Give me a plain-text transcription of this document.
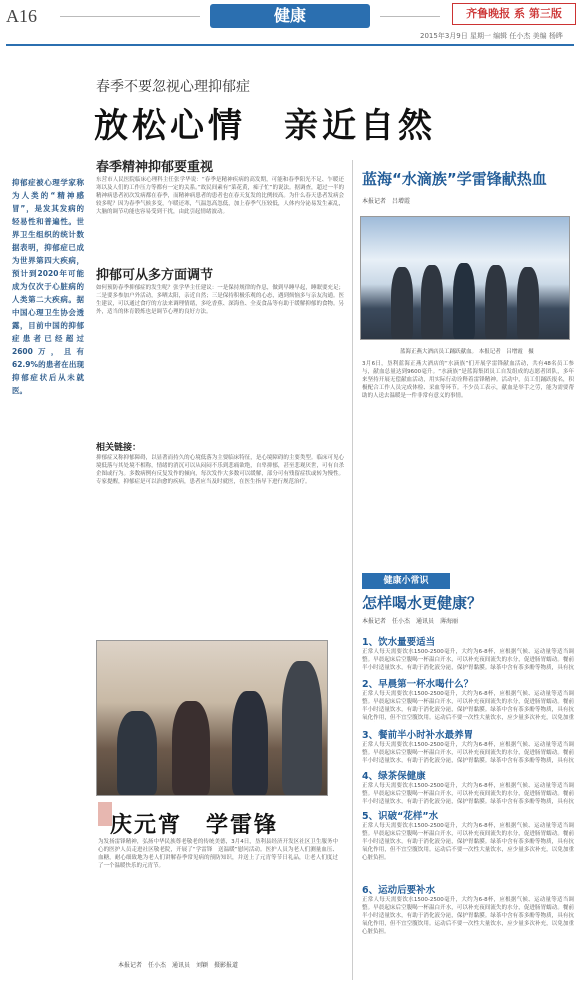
A16	健康	齐鲁晚报 系 第三版
2015年3月9日 星期一 编辑 任小杰 美编 杨晔
春季不要忽视心理抑郁症
放松心情　亲近自然
抑郁症被心理学家称为人类的“精神感冒”，是发其发病的轻易性和普遍性。世界卫生组织的统计数据表明，抑郁症已成为世界第四大疾病，预计到2020年可能成为仅次于心脏病的人类第二大疾病。据中国心理卫生协会透露，目前中国的抑郁症患者已经超过2600万，且有62.9%的患者在出现抑郁症状后从未就医。
春季精神抑郁要重视
东营市人民医院临床心理科主任张学华说：“春季是精神疾病的高发期，可能和春季阳光不足、乍暖还寒以及人们的工作压力等都有一定的关系。”故民间素有“菜花黄，痴子忙”的说法。据调查，超过一半的精神病患者初次发病都在春季，而精神病患者的患者也在春天复发的比例较高。为什么春天患者发病会较多呢？因为春季气候多变，乍暖还寒，气温忽高忽低，加上春季气压较低，人体内分泌易发生紊乱，大脑的调节功能也容易受到干扰，由此引起情绪波动。
抑郁可从多方面调节
如何预防春季抑郁症的发生呢？张学华主任建议：一是保持规律的作息，做到早睡早起，睡眠要充足；二是要多参加户外活动，多晒太阳，亲近自然；三是保持积极乐观的心态，遇到烦恼多与亲友沟通。医生建议，可以通过食疗的方法来调理情绪，多吃香蕉、深海鱼、全麦食品等有助于缓解抑郁的食物。另外，适当的体育锻炼也是调节心理的良好方法。
相关链接：
抑郁症又称抑郁障碍，以显著而持久的心境低落为主要临床特征，是心境障碍的主要类型。临床可见心境低落与其处境不相称，情绪的消沉可以从闷闷不乐到悲痛欲绝，自卑抑郁，甚至悲观厌世，可有自杀企图或行为。多数病例有反复发作的倾向，每次发作大多数可以缓解，部分可有残留症状或转为慢性。专家提醒，抑郁症是可以治愈的疾病，患者应当及时就医，在医生指导下进行规范治疗。
庆元宵　学雷锋
为发扬雷锋精神，弘扬中华民族尊老敬老的传统美德，3月4日，垦利县经济开发区社区卫生服务中心的医护人员走进社区敬老院，开展了“学雷锋　送温暖”慰问活动。医护人员为老人们测量血压、血糖，耐心细致地为老人们讲解春季常见病的预防知识，并送上了元宵等节日礼品，让老人们度过了一个温暖快乐的元宵节。
本报记者　任小杰　通讯员　刘颖　摄影报道
蓝海“水滴族”学雷锋献热血
本报记者　吕增霞
蓝海正燕大酒店员工踊跃献血。 本报记者　吕增霞　摄
3月6日，垦利蓝海正燕大酒店的“水滴族”们开展学雷锋献血活动，共有48名员工参与，献血总量达到9600毫升。“水滴族”是蓝海集团员工自发组成的志愿者团队，多年来坚持开展无偿献血活动，用实际行动诠释着雷锋精神。活动中，员工们踊跃报名，积极配合工作人员完成体检、采血等环节。不少员工表示，献血是举手之劳，能为需要帮助的人送去温暖是一件非常有意义的事情。
健康小常识
怎样喝水更健康？
本报记者　任小杰　通讯员　薄海丽
1、饮水量要适当
正常人每天需要饮水1500-2500毫升，大约为6-8杯，应根据气候、运动量等适当调整。早晨起床后空腹喝一杯温白开水，可以补充夜间流失的水分，促进肠胃蠕动。餐前半小时适量饮水，有助于消化液分泌，保护胃黏膜。绿茶中含有茶多酚等物质，具有抗
2、早晨第一杯水喝什么？
正常人每天需要饮水1500-2500毫升，大约为6-8杯，应根据气候、运动量等适当调整。早晨起床后空腹喝一杯温白开水，可以补充夜间流失的水分，促进肠胃蠕动。餐前半小时适量饮水，有助于消化液分泌，保护胃黏膜。绿茶中含有茶多酚等物质，具有抗氧化作用，但不宜空腹饮用。运动后不要一次性大量饮水，应少量多次补充，以免加重
3、餐前半小时补水最养胃
正常人每天需要饮水1500-2500毫升，大约为6-8杯，应根据气候、运动量等适当调整。早晨起床后空腹喝一杯温白开水，可以补充夜间流失的水分，促进肠胃蠕动。餐前半小时适量饮水，有助于消化液分泌，保护胃黏膜。绿茶中含有茶多酚等物质，具有抗
4、绿茶保健康
正常人每天需要饮水1500-2500毫升，大约为6-8杯，应根据气候、运动量等适当调整。早晨起床后空腹喝一杯温白开水，可以补充夜间流失的水分，促进肠胃蠕动。餐前半小时适量饮水，有助于消化液分泌，保护胃黏膜。绿茶中含有茶多酚等物质，具有抗
5、识破“花样”水
正常人每天需要饮水1500-2500毫升，大约为6-8杯，应根据气候、运动量等适当调整。早晨起床后空腹喝一杯温白开水，可以补充夜间流失的水分，促进肠胃蠕动。餐前半小时适量饮水，有助于消化液分泌，保护胃黏膜。绿茶中含有茶多酚等物质，具有抗氧化作用，但不宜空腹饮用。运动后不要一次性大量饮水，应少量多次补充，以免加重心脏负担。
6、运动后要补水
正常人每天需要饮水1500-2500毫升，大约为6-8杯，应根据气候、运动量等适当调整。早晨起床后空腹喝一杯温白开水，可以补充夜间流失的水分，促进肠胃蠕动。餐前半小时适量饮水，有助于消化液分泌，保护胃黏膜。绿茶中含有茶多酚等物质，具有抗氧化作用，但不宜空腹饮用。运动后不要一次性大量饮水，应少量多次补充，以免加重心脏负担。
